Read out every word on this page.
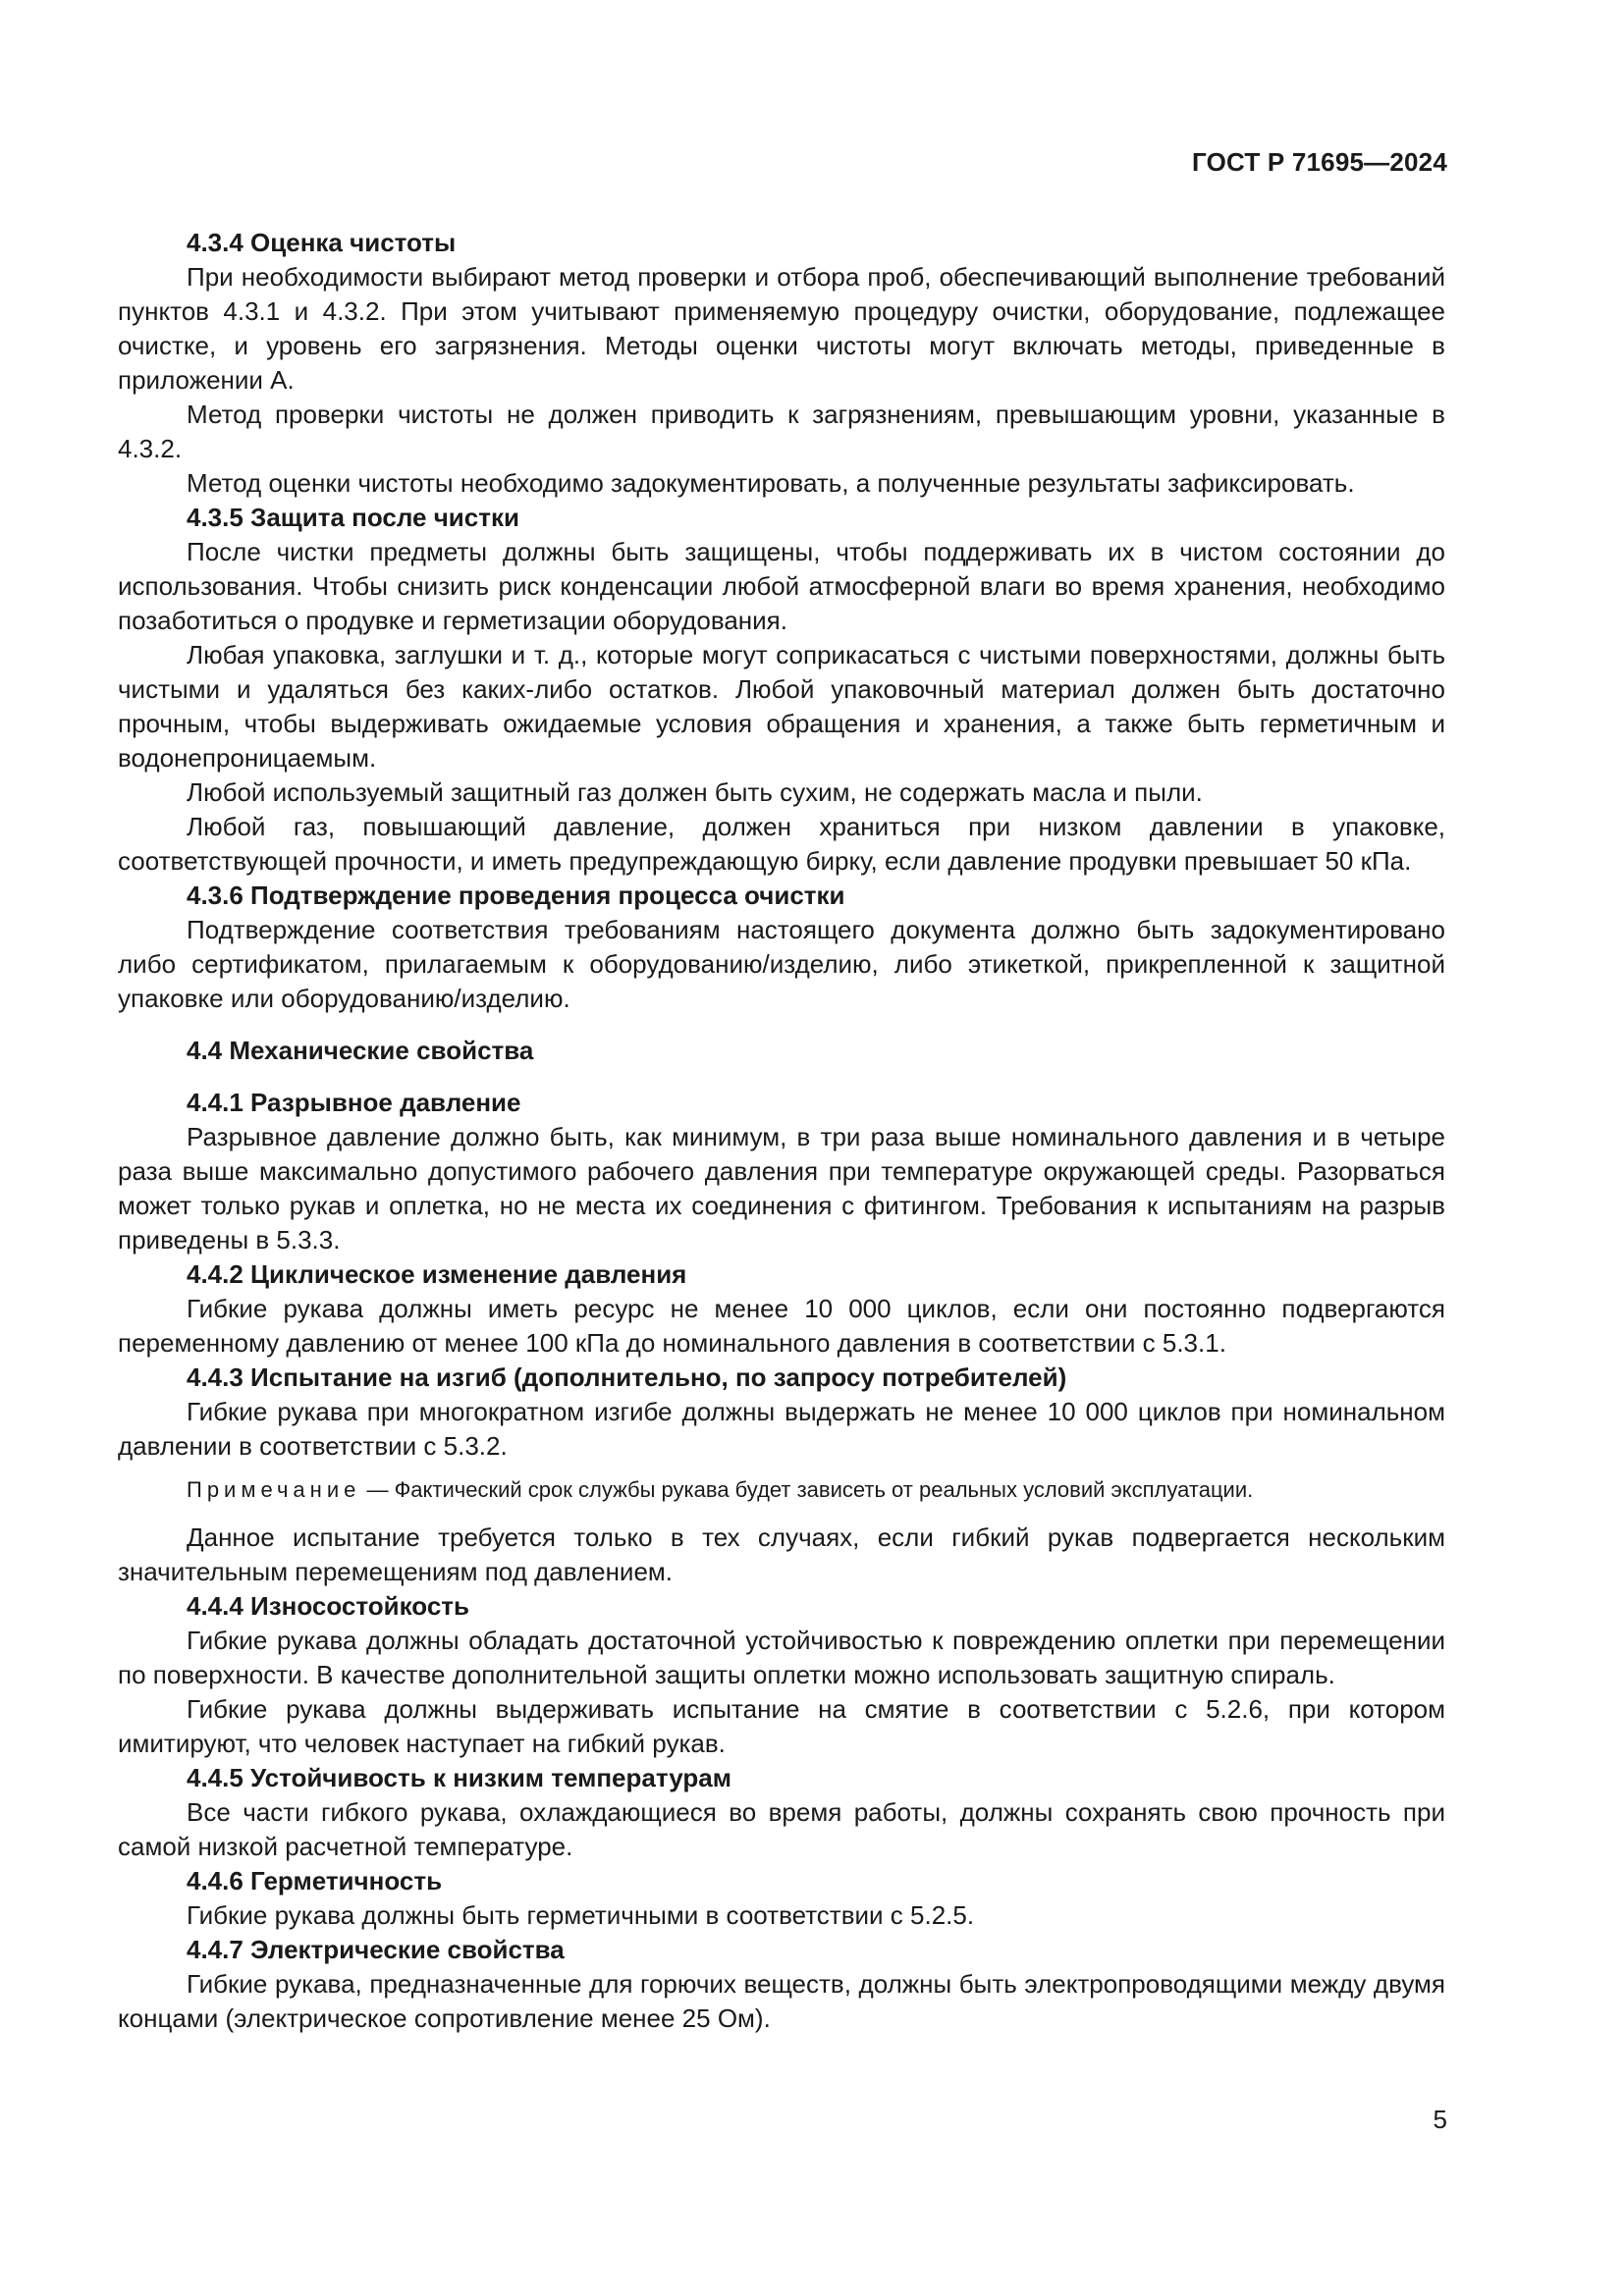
ГОСТ Р 71695—2024

4.3.4 Оценка чистоты

При необходимости выбирают метод проверки и отбора проб, обеспечивающий выполнение требований пунктов 4.3.1 и 4.3.2. При этом учитывают применяемую процедуру очистки, оборудование, подлежащее очистке, и уровень его загрязнения. Методы оценки чистоты могут включать методы, приведенные в приложении А.

Метод проверки чистоты не должен приводить к загрязнениям, превышающим уровни, указанные в 4.3.2.

Метод оценки чистоты необходимо задокументировать, а полученные результаты зафиксировать.

4.3.5 Защита после чистки

После чистки предметы должны быть защищены, чтобы поддерживать их в чистом состоянии до использования. Чтобы снизить риск конденсации любой атмосферной влаги во время хранения, необходимо позаботиться о продувке и герметизации оборудования.

Любая упаковка, заглушки и т. д., которые могут соприкасаться с чистыми поверхностями, должны быть чистыми и удаляться без каких-либо остатков. Любой упаковочный материал должен быть достаточно прочным, чтобы выдерживать ожидаемые условия обращения и хранения, а также быть герметичным и водонепроницаемым.

Любой используемый защитный газ должен быть сухим, не содержать масла и пыли.

Любой газ, повышающий давление, должен храниться при низком давлении в упаковке, соответствующей прочности, и иметь предупреждающую бирку, если давление продувки превышает 50 кПа.

4.3.6 Подтверждение проведения процесса очистки

Подтверждение соответствия требованиям настоящего документа должно быть задокументировано либо сертификатом, прилагаемым к оборудованию/изделию, либо этикеткой, прикрепленной к защитной упаковке или оборудованию/изделию.

4.4 Механические свойства

4.4.1 Разрывное давление

Разрывное давление должно быть, как минимум, в три раза выше номинального давления и в четыре раза выше максимально допустимого рабочего давления при температуре окружающей среды. Разорваться может только рукав и оплетка, но не места их соединения с фитингом. Требования к испытаниям на разрыв приведены в 5.3.3.

4.4.2 Циклическое изменение давления

Гибкие рукава должны иметь ресурс не менее 10 000 циклов, если они постоянно подвергаются переменному давлению от менее 100 кПа до номинального давления в соответствии с 5.3.1.

4.4.3 Испытание на изгиб (дополнительно, по запросу потребителей)

Гибкие рукава при многократном изгибе должны выдержать не менее 10 000 циклов при номинальном давлении в соответствии с 5.3.2.

Примечание — Фактический срок службы рукава будет зависеть от реальных условий эксплуатации.

Данное испытание требуется только в тех случаях, если гибкий рукав подвергается нескольким значительным перемещениям под давлением.

4.4.4 Износостойкость

Гибкие рукава должны обладать достаточной устойчивостью к повреждению оплетки при перемещении по поверхности. В качестве дополнительной защиты оплетки можно использовать защитную спираль.

Гибкие рукава должны выдерживать испытание на смятие в соответствии с 5.2.6, при котором имитируют, что человек наступает на гибкий рукав.

4.4.5 Устойчивость к низким температурам

Все части гибкого рукава, охлаждающиеся во время работы, должны сохранять свою прочность при самой низкой расчетной температуре.

4.4.6 Герметичность

Гибкие рукава должны быть герметичными в соответствии с 5.2.5.

4.4.7 Электрические свойства

Гибкие рукава, предназначенные для горючих веществ, должны быть электропроводящими между двумя концами (электрическое сопротивление менее 25 Ом).

5
